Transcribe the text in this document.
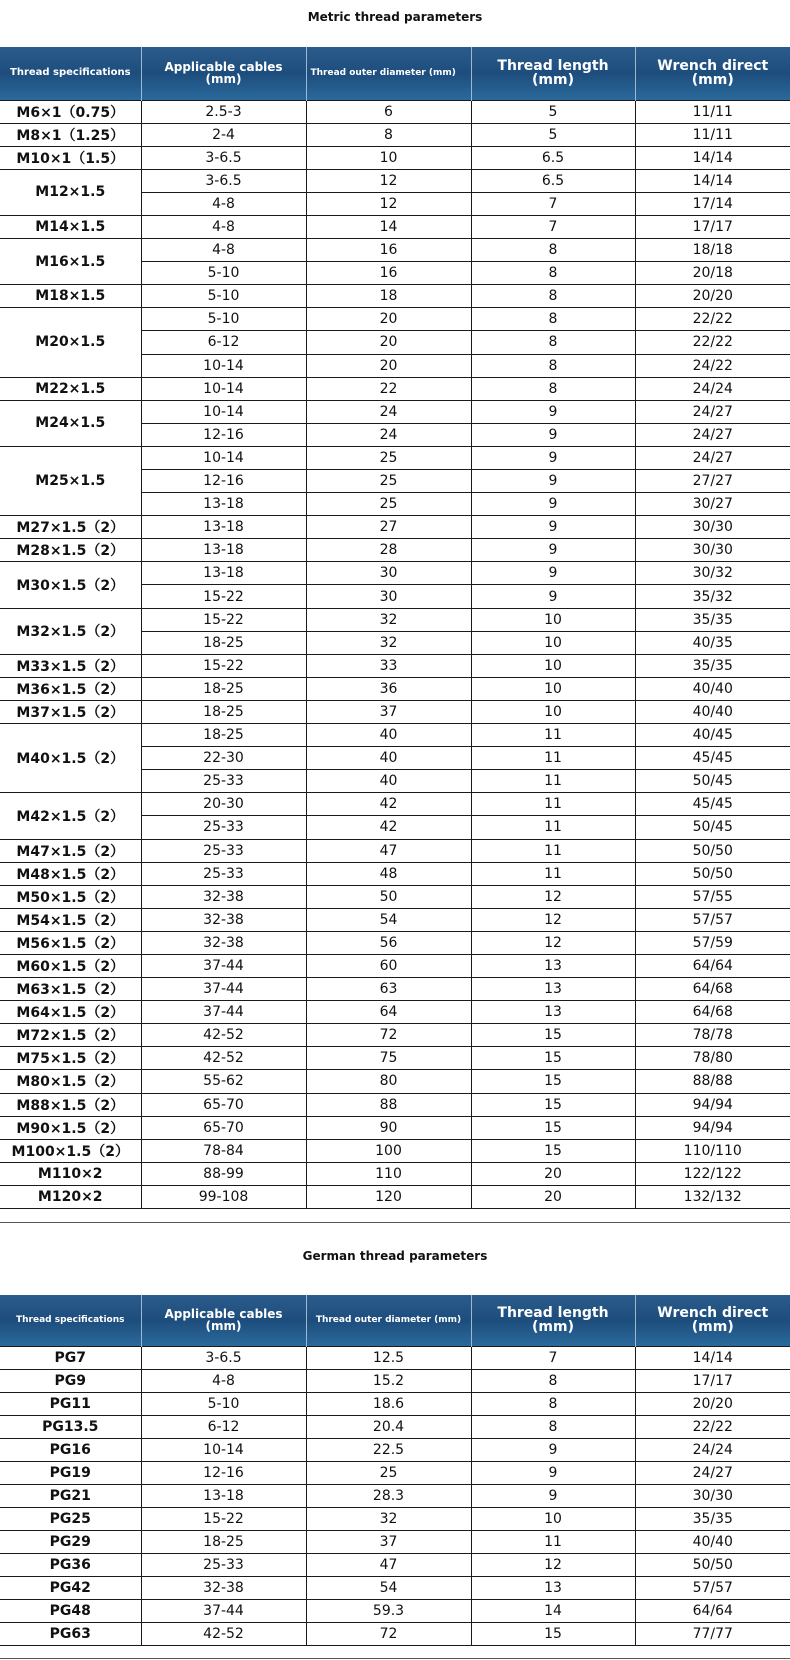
Metric thread parameters
Thread specifications	Applicable cables (mm)	Thread outer diameter (mm)	Thread length (mm)	Wrench direct (mm)
M6×1（0.75）	2.5-3	6	5	11/11
M8×1（1.25）	2-4	8	5	11/11
M10×1（1.5）	3-6.5	10	6.5	14/14
M12×1.5	3-6.5	12	6.5	14/14
	4-8	12	7	17/14
M14×1.5	4-8	14	7	17/17
M16×1.5	4-8	16	8	18/18
	5-10	16	8	20/18
M18×1.5	5-10	18	8	20/20
M20×1.5	5-10	20	8	22/22
	6-12	20	8	22/22
	10-14	20	8	24/22
M22×1.5	10-14	22	8	24/24
M24×1.5	10-14	24	9	24/27
	12-16	24	9	24/27
M25×1.5	10-14	25	9	24/27
	12-16	25	9	27/27
	13-18	25	9	30/27
M27×1.5（2）	13-18	27	9	30/30
M28×1.5（2）	13-18	28	9	30/30
M30×1.5（2）	13-18	30	9	30/32
	15-22	30	9	35/32
M32×1.5（2）	15-22	32	10	35/35
	18-25	32	10	40/35
M33×1.5（2）	15-22	33	10	35/35
M36×1.5（2）	18-25	36	10	40/40
M37×1.5（2）	18-25	37	10	40/40
M40×1.5（2）	18-25	40	11	40/45
	22-30	40	11	45/45
	25-33	40	11	50/45
M42×1.5（2）	20-30	42	11	45/45
	25-33	42	11	50/45
M47×1.5（2）	25-33	47	11	50/50
M48×1.5（2）	25-33	48	11	50/50
M50×1.5（2）	32-38	50	12	57/55
M54×1.5（2）	32-38	54	12	57/57
M56×1.5（2）	32-38	56	12	57/59
M60×1.5（2）	37-44	60	13	64/64
M63×1.5（2）	37-44	63	13	64/68
M64×1.5（2）	37-44	64	13	64/68
M72×1.5（2）	42-52	72	15	78/78
M75×1.5（2）	42-52	75	15	78/80
M80×1.5（2）	55-62	80	15	88/88
M88×1.5（2）	65-70	88	15	94/94
M90×1.5（2）	65-70	90	15	94/94
M100×1.5（2）	78-84	100	15	110/110
M110×2	88-99	110	20	122/122
M120×2	99-108	120	20	132/132
German thread parameters
Thread specifications	Applicable cables (mm)	Thread outer diameter (mm)	Thread length (mm)	Wrench direct (mm)
PG7	3-6.5	12.5	7	14/14
PG9	4-8	15.2	8	17/17
PG11	5-10	18.6	8	20/20
PG13.5	6-12	20.4	8	22/22
PG16	10-14	22.5	9	24/24
PG19	12-16	25	9	24/27
PG21	13-18	28.3	9	30/30
PG25	15-22	32	10	35/35
PG29	18-25	37	11	40/40
PG36	25-33	47	12	50/50
PG42	32-38	54	13	57/57
PG48	37-44	59.3	14	64/64
PG63	42-52	72	15	77/77
